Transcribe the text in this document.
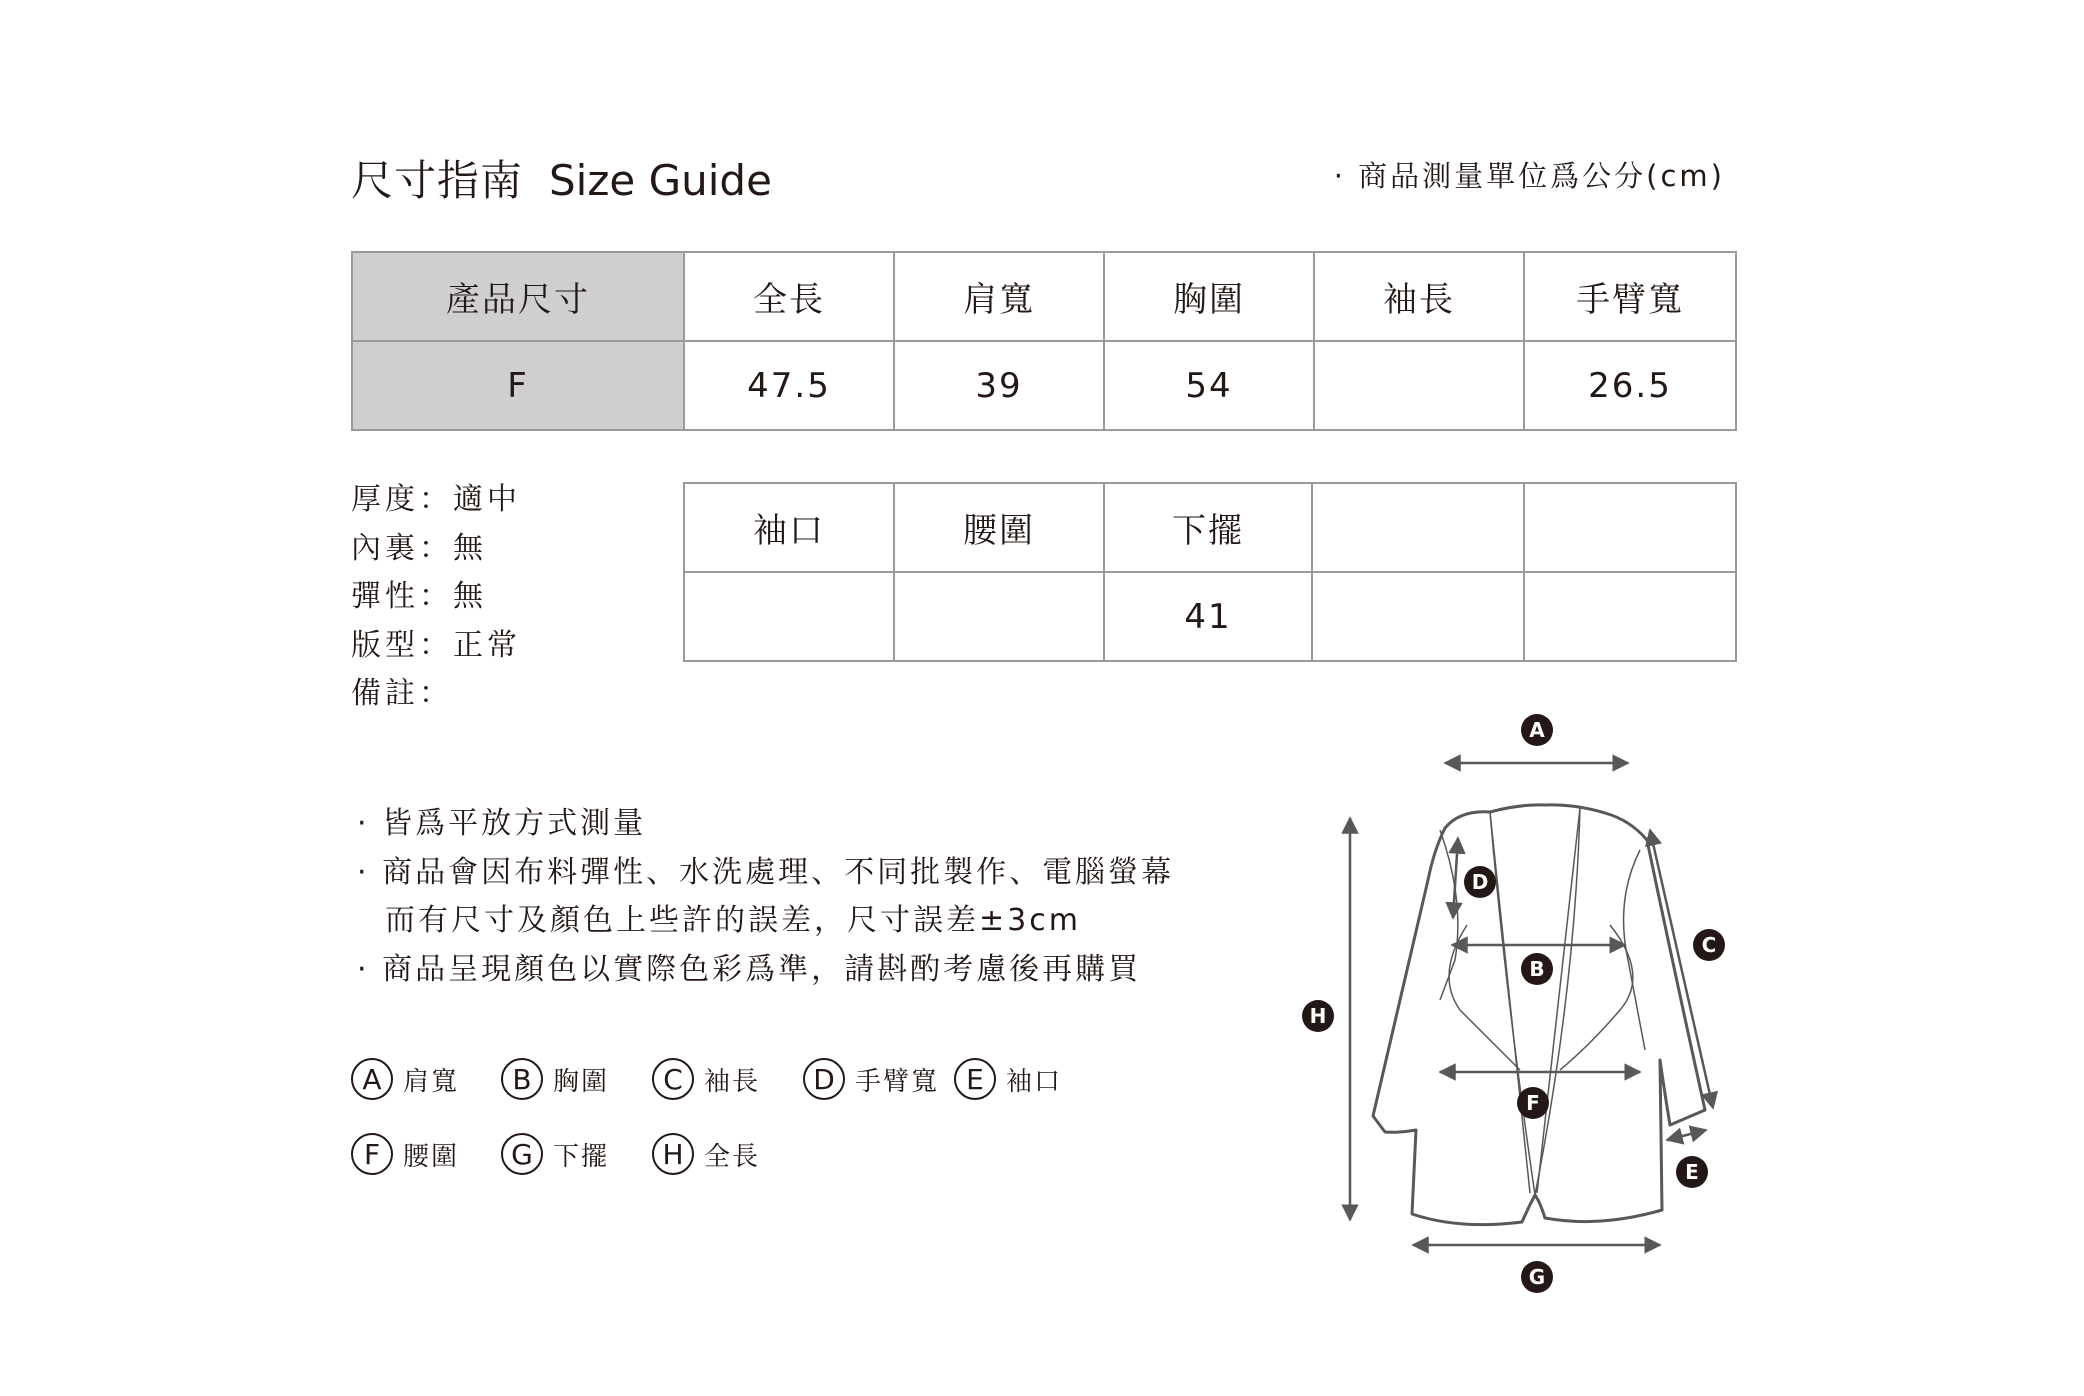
尺寸指南 Size Guide	· 商品測量單位爲公分(cm)
產品尺寸	全長	肩寬	胸圍	袖長	手臂寬
F	47.5	39	54		26.5
厚度：適中
內裏：無
彈性：無
版型：正常
備註：
袖口	腰圍	下擺		
		41		
· 皆爲平放方式測量
· 商品會因布料彈性、水洗處理、不同批製作、電腦螢幕
而有尺寸及顏色上些許的誤差，尺寸誤差±3cm
· 商品呈現顏色以實際色彩爲準，請斟酌考慮後再購買
A 肩寬	B 胸圍	C 袖長	D 手臂寬 E 袖口
F 腰圍	G 下擺	H 全長
A
B
C
D
E
F
G
H
